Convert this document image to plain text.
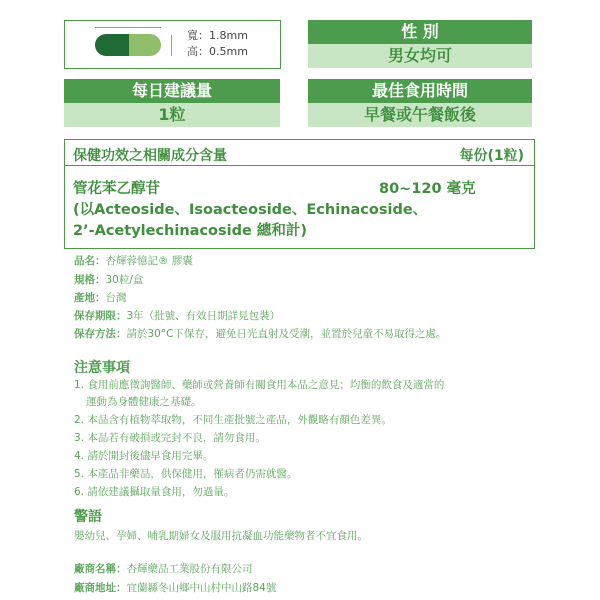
寬：1.8mm
高：0.5mm
性 別
男女均可
每日建議量
1粒
最佳食用時間
早餐或午餐飯後
保健功效之相關成分含量	每份(1粒)
管花苯乙醇苷	80~120 毫克
(以Acteoside、Isoacteoside、Echinacoside、
2’-Acetylechinacoside 總和計)
品名：杏輝蓉憶記® 膠囊
規格：30粒/盒
產地：台灣
保存期限：3年（批號、有效日期詳見包裝）
保存方法：請於30°C下保存，避免日光直射及受潮，並置於兒童不易取得之處。
注意事項
1. 食用前應徵詢醫師、藥師或營養師有關食用本品之意見；均衡的飲食及適當的
運動為身體健康之基礎。
2. 本品含有植物萃取物，不同生產批號之產品，外觀略有顏色差異。
3. 本品若有破損或完封不良，請勿食用。
4. 請於開封後儘早食用完畢。
5. 本產品非藥品，供保健用，罹病者仍需就醫。
6. 請依建議攝取量食用，勿過量。
警語
嬰幼兒、孕婦、哺乳期婦女及服用抗凝血功能藥物者不宜食用。
廠商名稱：杏輝藥品工業股份有限公司
廠商地址：宜蘭縣冬山鄉中山村中山路84號
